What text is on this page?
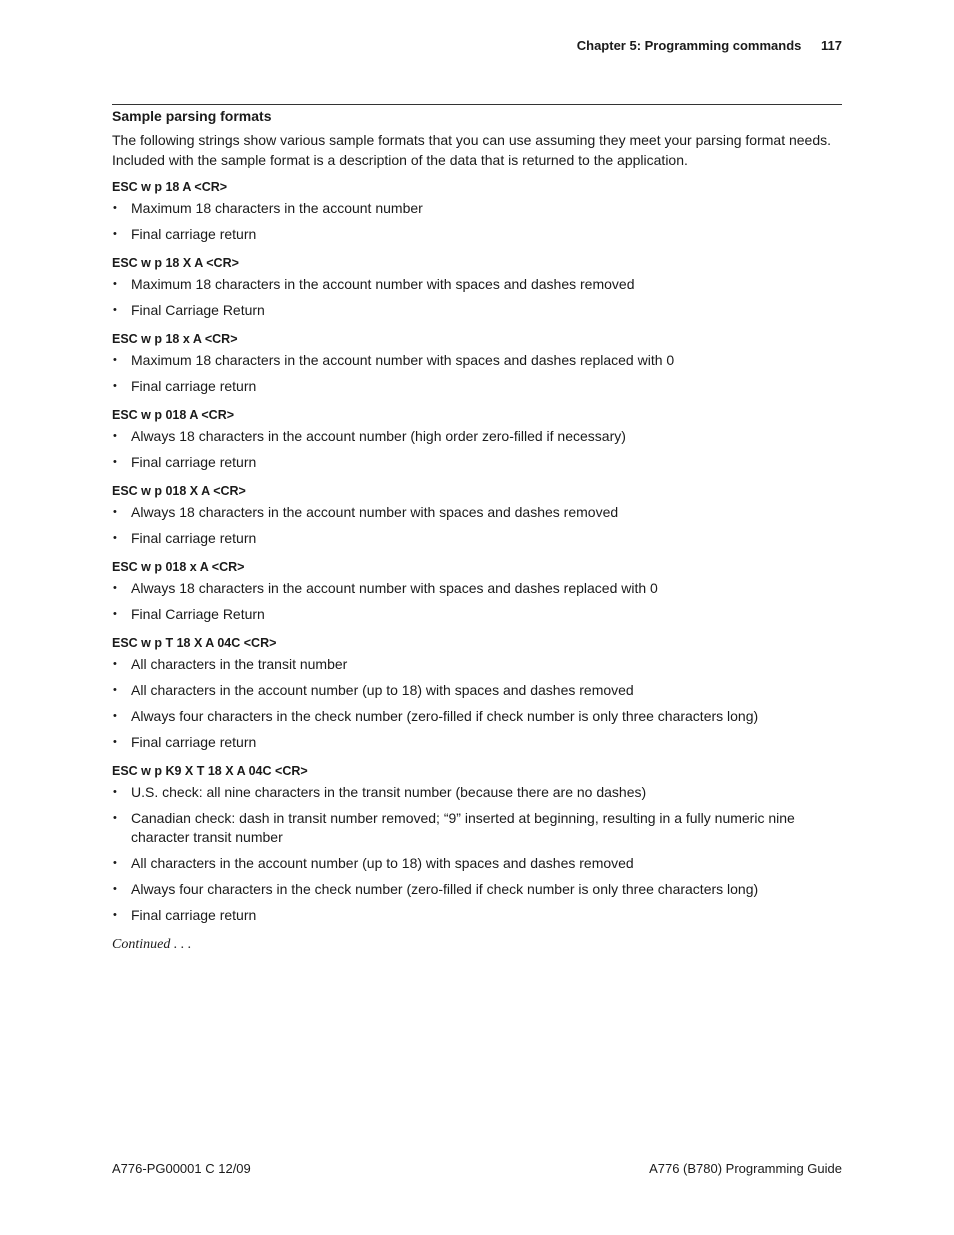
Chapter 5: Programming commands 117

Sample parsing formats

The following strings show various sample formats that you can use assuming they meet your parsing format needs. Included with the sample format is a description of the data that is returned to the application.

ESC w p 18 A <CR>

• Maximum 18 characters in the account number
• Final carriage return

ESC w p 18 X A <CR>

• Maximum 18 characters in the account number with spaces and dashes removed
• Final Carriage Return

ESC w p 18 x A <CR>

• Maximum 18 characters in the account number with spaces and dashes replaced with 0
• Final carriage return

ESC w p 018 A <CR>

• Always 18 characters in the account number (high order zero-filled if necessary)
• Final carriage return

ESC w p 018 X A <CR>

• Always 18 characters in the account number with spaces and dashes removed
• Final carriage return

ESC w p 018 x A <CR>

• Always 18 characters in the account number with spaces and dashes replaced with 0
• Final Carriage Return

ESC w p T 18 X A 04C <CR>

• All characters in the transit number
• All characters in the account number (up to 18) with spaces and dashes removed
• Always four characters in the check number (zero-filled if check number is only three characters long)
• Final carriage return

ESC w p K9 X T 18 X A 04C <CR>

• U.S. check: all nine characters in the transit number (because there are no dashes)
• Canadian check: dash in transit number removed; “9” inserted at beginning, resulting in a fully numeric nine character transit number
• All characters in the account number (up to 18) with spaces and dashes removed
• Always four characters in the check number (zero-filled if check number is only three characters long)
• Final carriage return
Continued . . .
A776-PG00001 C 12/09	A776 (B780) Programming Guide
